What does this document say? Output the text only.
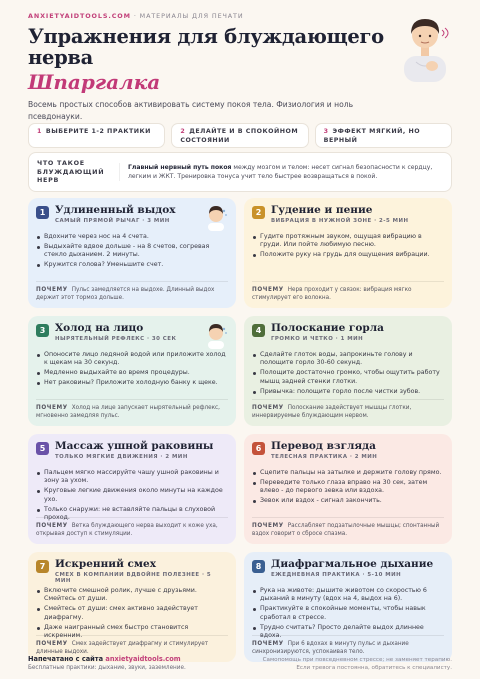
ANXIETYAIDTOOLS.COM · МАТЕРИАЛЫ ДЛЯ ПЕЧАТИ
Упражнения для блуждающего нерва
Шпаргалка
Восемь простых способов активировать систему покоя тела. Физиология и ноль псевдонауки.
1 ВЫБЕРИТЕ 1-2 ПРАКТИКИ	2 ДЕЛАЙТЕ И В СПОКОЙНОМ СОСТОЯНИИ
3 ЭФФЕКТ МЯГКИЙ, НО ВЕРНЫЙ
ЧТО ТАКОЕ БЛУЖДАЮЩИЙ НЕРВ
Главный нервный путь покоя между мозгом и телом: несет сигнал безопасности к сердцу, легким и ЖКТ. Тренировка тонуса учит тело быстрее возвращаться в покой.
1 Удлиненный выдох
САМЫЙ ПРЯМОЙ РЫЧАГ · 3 МИН
Вдохните через нос на 4 счета.
Выдыхайте вдвое дольше - на 8 счетов, согревая стекло дыханием. 2 минуты.
Кружится голова? Уменьшите счет.
ПОЧЕМУ Пульс замедляется на выдохе. Длинный выдох держит этот тормоз дольше.
2 Гудение и пение
ВИБРАЦИЯ В НУЖНОЙ ЗОНЕ · 2-5 МИН
Гудите протяжным звуком, ощущая вибрацию в груди. Или пойте любимую песню.
Положите руку на грудь для ощущения вибрации.
ПОЧЕМУ Нерв проходит у связок: вибрация мягко стимулирует его волокна.
3 Холод на лицо
НЫРЯТЕЛЬНЫЙ РЕФЛЕКС · 30 СЕК
Опоносите лицо ледяной водой или приложите холод к щекам на 30 секунд.
Медленно выдыхайте во время процедуры.
Нет раковины? Приложите холодную банку к щеке.
ПОЧЕМУ Холод на лице запускает нырятельный рефлекс, мгновенно замедляя пульс.
4 Полоскание горла
ГРОМКО И ЧЕТКО · 1 МИН
Сделайте глоток воды, запрокиньте голову и полощите горло 30-60 секунд.
Полощите достаточно громко, чтобы ощутить работу мышц задней стенки глотки.
Привычка: полощите горло после чистки зубов.
ПОЧЕМУ Полоскание задействует мышцы глотки, иннервируемые блуждающим нервом.
5 Массаж ушной раковины
ТОЛЬКО МЯГКИЕ ДВИЖЕНИЯ · 2 МИН
Пальцем мягко массируйте чашу ушной раковины и зону за ухом.
Круговые легкие движения около минуты на каждое ухо.
Только снаружи: не вставляйте пальцы в слуховой проход.
ПОЧЕМУ Ветка блуждающего нерва выходит к коже уха, открывая доступ к стимуляции.
6 Перевод взгляда
ТЕЛЕСНАЯ ПРАКТИКА · 2 МИН
Сцепите пальцы на затылке и держите голову прямо.
Переведите только глаза вправо на 30 сек, затем влево - до первого зевка или вздоха.
Зевок или вздох - сигнал закончить.
ПОЧЕМУ Расслабляет подзатылочные мышцы; спонтанный вздох говорит о сбросе спазма.
7 Искренний смех
СМЕХ В КОМПАНИИ ВДВОЙНЕ ПОЛЕЗНЕЕ · 5 МИН
Включите смешной ролик, лучше с друзьями. Смейтесь от души.
Смейтесь от души: смех активно задействует диафрагму.
Даже наигранный смех быстро становится искренним.
ПОЧЕМУ Смех задействует диафрагму и стимулирует длинные выдохи.
8 Диафрагмальное дыхание
ЕЖЕДНЕВНАЯ ПРАКТИКА · 5-10 МИН
Рука на животе: дышите животом со скоростью 6 дыханий в минуту (вдох на 4, выдох на 6).
Практикуйте в спокойные моменты, чтобы навык сработал в стрессе.
Трудно считать? Просто делайте выдох длиннее вдоха.
ПОЧЕМУ При 6 вдохах в минуту пульс и дыхание синхронизируются, успокаивая тело.
Напечатано с сайта anxietyaidtools.com
Бесплатные практики: дыхание, звуки, заземление.
Самопомощь при повседневном стрессе; не заменяет терапию. Если тревога постоянна, обратитесь к специалисту.
